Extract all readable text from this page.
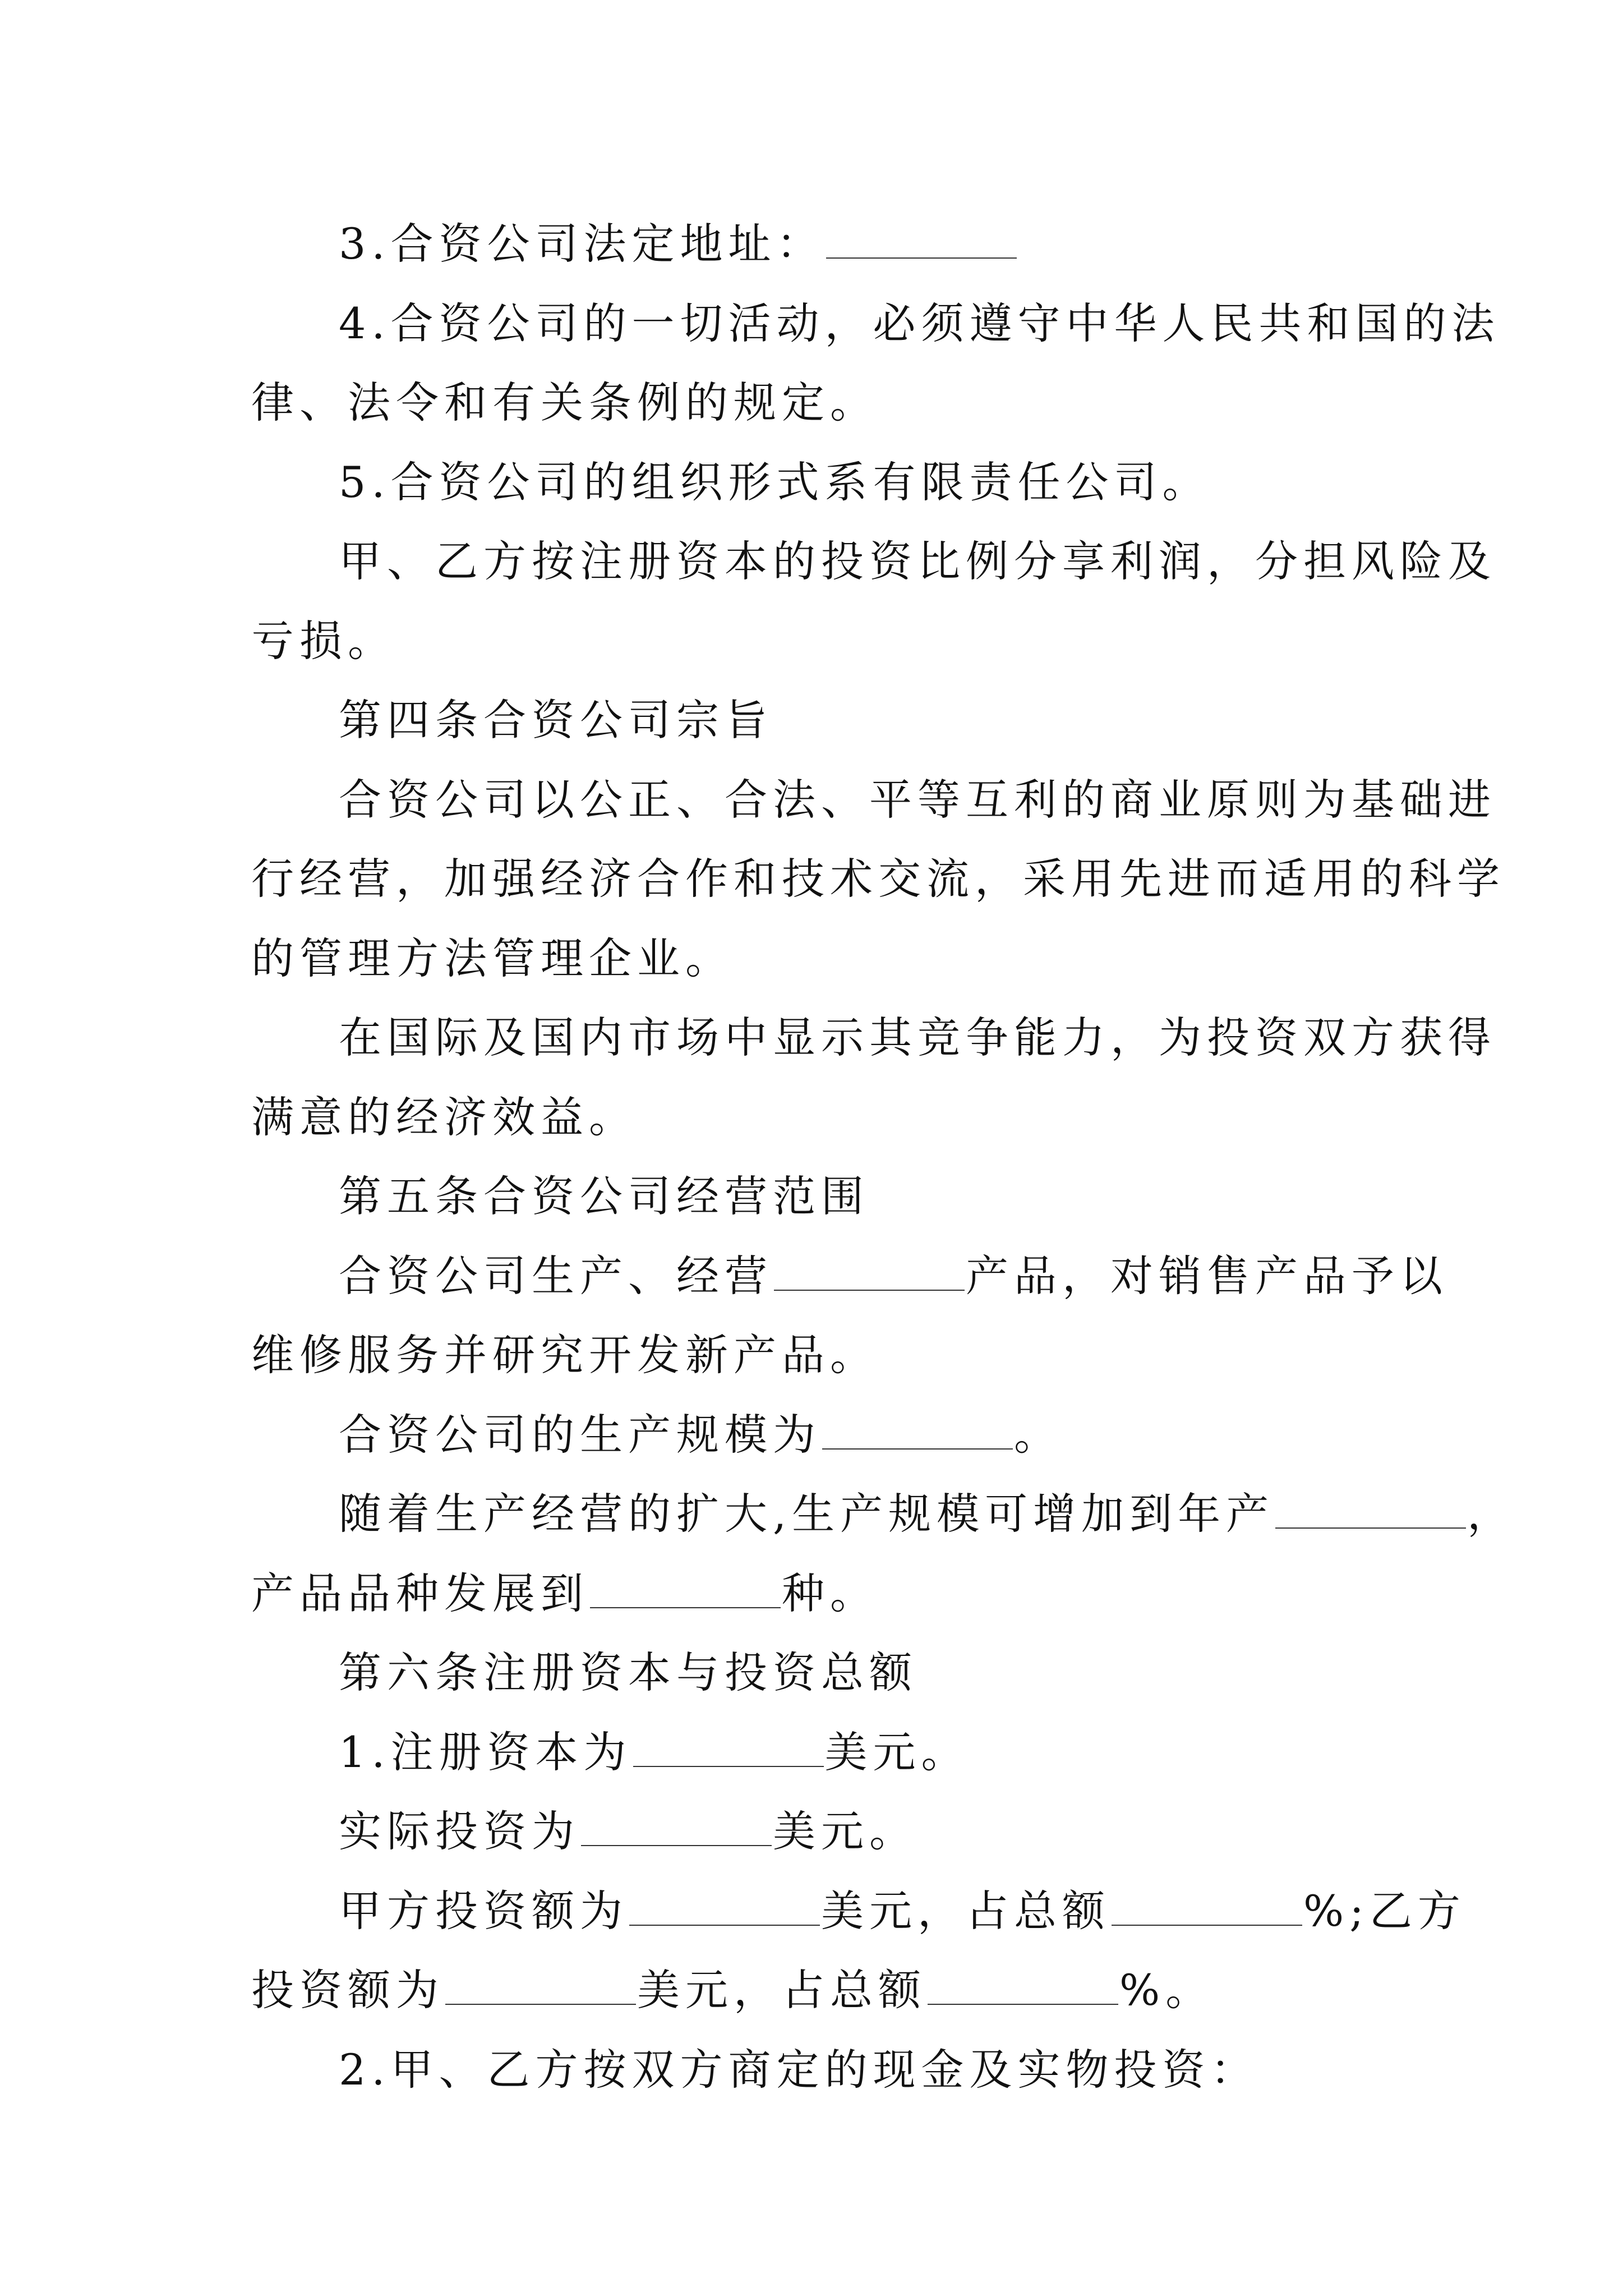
3.合资公司法定地址：
4.合资公司的一切活动，必须遵守中华人民共和国的法
律、法令和有关条例的规定。
5.合资公司的组织形式系有限责任公司。
甲、乙方按注册资本的投资比例分享利润，分担风险及
亏损。
第四条合资公司宗旨
合资公司以公正、合法、平等互利的商业原则为基础进
行经营，加强经济合作和技术交流，采用先进而适用的科学
的管理方法管理企业。
在国际及国内市场中显示其竞争能力，为投资双方获得
满意的经济效益。
第五条合资公司经营范围
合资公司生产、经营	产品，对销售产品予以
维修服务并研究开发新产品。
合资公司的生产规模为	。
随着生产经营的扩大,生产规模可增加到年产	，
产品品种发展到	种。
第六条注册资本与投资总额
1.注册资本为	美元。
实际投资为	美元。
甲方投资额为	美元，占总额	%;乙方
投资额为	美元，占总额	%。
2.甲、乙方按双方商定的现金及实物投资：
